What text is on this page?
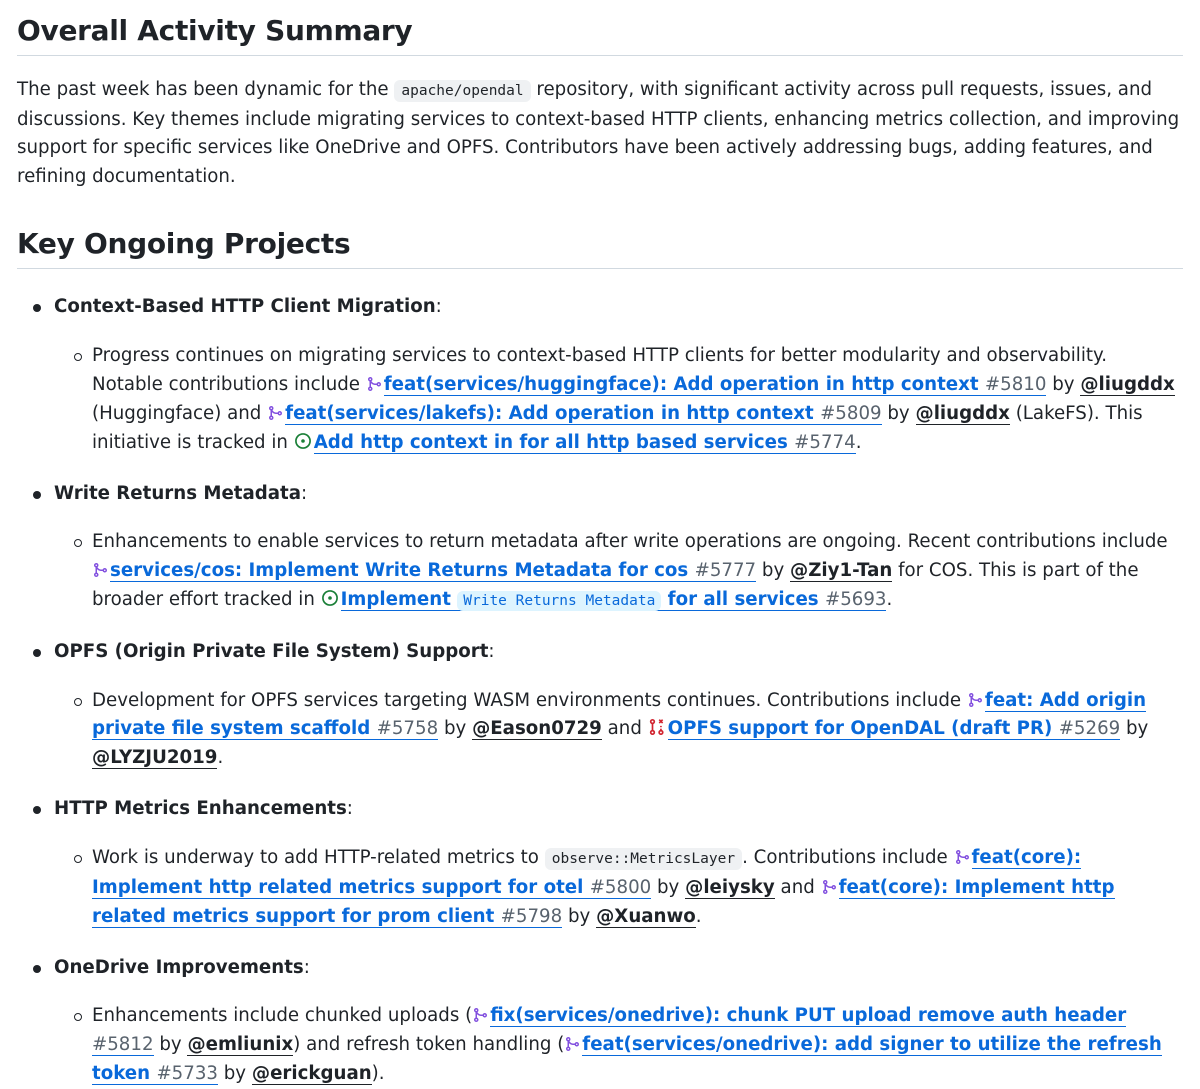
Overall Activity Summary

The past week has been dynamic for the apache/opendal repository, with significant activity across pull requests, issues, and discussions. Key themes include migrating services to context-based HTTP clients, enhancing metrics collection, and improving support for specific services like OneDrive and OPFS. Contributors have been actively addressing bugs, adding features, and refining documentation.

Key Ongoing Projects
Context-Based HTTP Client Migration:
Progress continues on migrating services to context-based HTTP clients for better modularity and observability. Notable contributions include feat(services/huggingface): Add operation in http context #5810 by @liugddx (Huggingface) and feat(services/lakefs): Add operation in http context #5809 by @liugddx (LakeFS). This initiative is tracked in Add http context in for all http based services #5774.
Write Returns Metadata:
Enhancements to enable services to return metadata after write operations are ongoing. Recent contributions include
services/cos: Implement Write Returns Metadata for cos #5777 by @Ziy1-Tan for COS. This is part of the broader effort tracked in Implement Write Returns Metadata for all services #5693.
OPFS (Origin Private File System) Support:
Development for OPFS services targeting WASM environments continues. Contributions include feat: Add origin private file system scaffold #5758 by @Eason0729 and OPFS support for OpenDAL (draft PR) #5269 by @LYZJU2019.
HTTP Metrics Enhancements:
Work is underway to add HTTP-related metrics to observe::MetricsLayer . Contributions include feat(core): Implement http related metrics support for otel #5800 by @leiysky and feat(core): Implement http related metrics support for prom client #5798 by @Xuanwo.
OneDrive Improvements:
Enhancements include chunked uploads ( fix(services/onedrive): chunk PUT upload remove auth header #5812 by @emliunix) and refresh token handling ( feat(services/onedrive): add signer to utilize the refresh token #5733 by @erickguan).
